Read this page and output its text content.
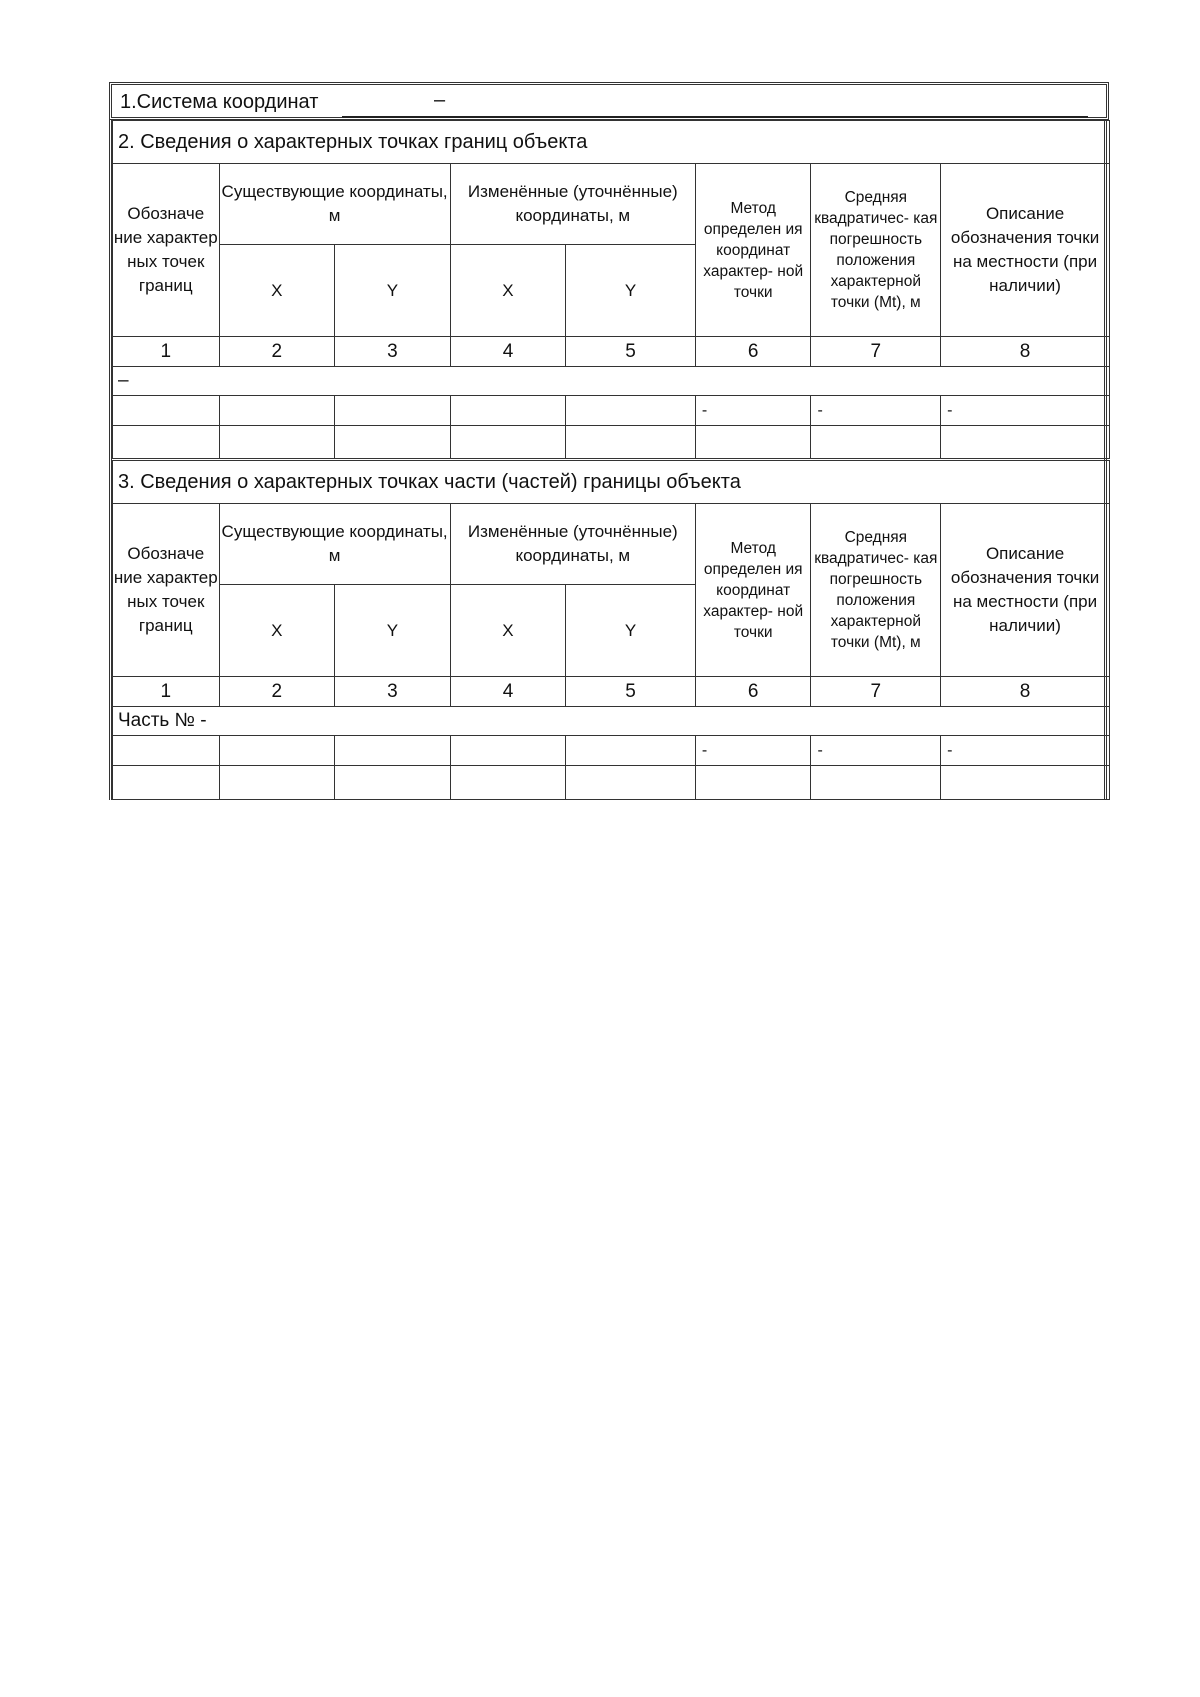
1.Система координат	–
2. Сведения о характерных точках границ объекта							
Обозначе ние характер ных точек границ	Существующие координаты, м		Изменённые (уточнённые) координаты, м		Метод определен ия координат характер- ной точки	Средняя квадратичес- кая погрешность положения характерной точки (Mt), м	Описание обозначения точки на местности (при наличии)
	X	Y	X	Y			
1	2	3	4	5	6	7	8
–							
					-	-	-

3. Сведения о характерных точках части (частей) границы объекта							
Обозначе ние характер ных точек границ	Существующие координаты, м		Изменённые (уточнённые) координаты, м		Метод определен ия координат характер- ной точки	Средняя квадратичес- кая погрешность положения характерной точки (Mt), м	Описание обозначения точки на местности (при наличии)
	X	Y	X	Y			
1	2	3	4	5	6	7	8
Часть № -							
					-	-	-
